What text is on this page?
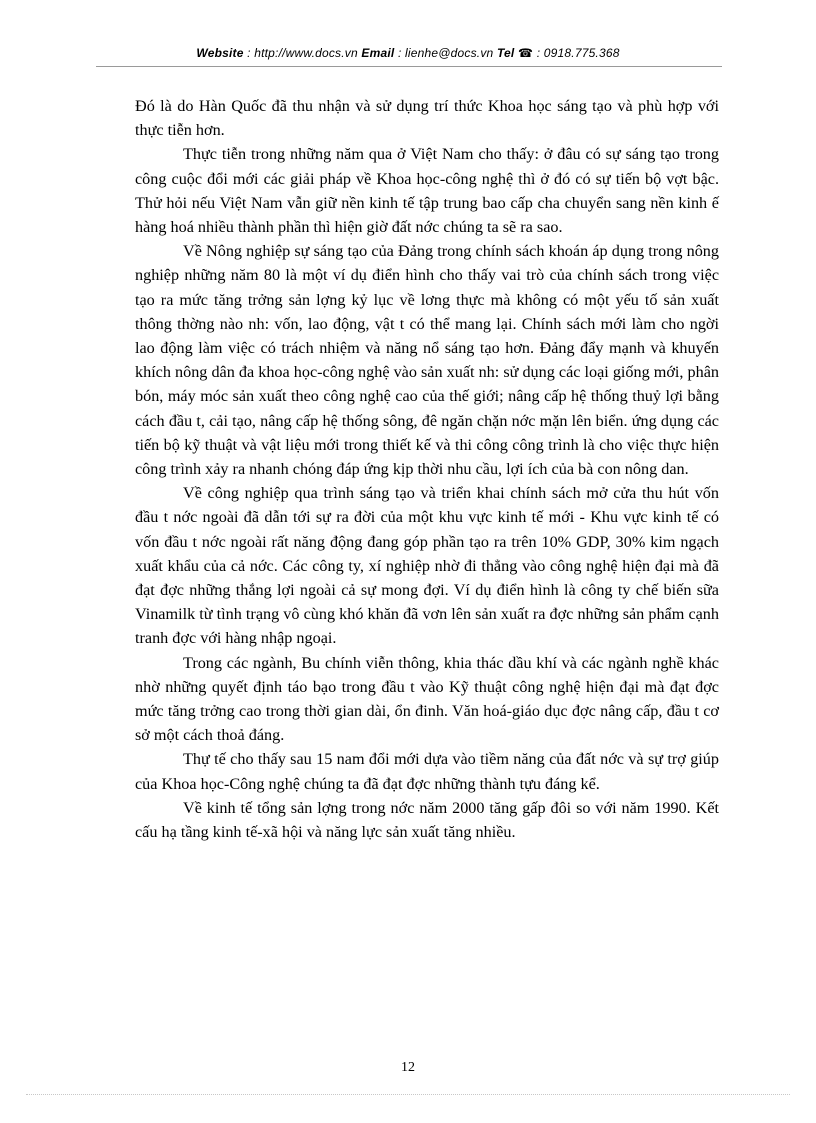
Website : http://www.docs.vn Email : lienhe@docs.vn Tel ☎ : 0918.775.368

Đó là do Hàn Quốc đã thu nhận và sử dụng trí thức Khoa học sáng tạo và phù hợp với thực tiễn hơn.

Thực tiễn trong những năm qua ở Việt Nam cho thấy: ở đâu có sự sáng tạo trong công cuộc đổi mới các giải pháp về Khoa học-công nghệ thì ở đó có sự tiến bộ vợt bậc. Thử hỏi nếu Việt Nam vẫn giữ nền kinh tế tập trung bao cấp cha chuyển sang nền kinh ế hàng hoá nhiều thành phần thì hiện giờ đất nớc chúng ta sẽ ra sao.

Về Nông nghiệp sự sáng tạo của Đảng trong chính sách khoán áp dụng trong nông nghiệp những năm 80 là một ví dụ điển hình cho thấy vai trò của chính sách trong việc tạo ra mức tăng trởng sản lợng kỷ lục về lơng thực mà không có một yếu tố sản xuất thông thờng nào nh: vốn, lao động, vật t có thể mang lại. Chính sách mới làm cho ngời lao động làm việc có trách nhiệm và năng nổ sáng tạo hơn. Đảng đẩy mạnh và khuyến khích nông dân đa khoa học-công nghệ vào sản xuất nh: sử dụng các loại giống mới, phân bón, máy móc sản xuất theo công nghệ cao của thế giới; nâng cấp hệ thống thuỷ lợi bằng cách đầu t, cải tạo, nâng cấp hệ thống sông, đê ngăn chặn nớc mặn lên biển. ứng dụng các tiến bộ kỹ thuật và vật liệu mới trong thiết kế và thi công công trình là cho việc thực hiện công trình xảy ra nhanh chóng đáp ứng kịp thời nhu cầu, lợi ích của bà con nông dan.

Về công nghiệp qua trình sáng tạo và triển khai chính sách mở cửa thu hút vốn đầu t nớc ngoài đã dẫn tới sự ra đời của một khu vực kinh tế mới - Khu vực kinh tế có vốn đầu t nớc ngoài rất năng động đang góp phần tạo ra trên 10% GDP, 30% kim ngạch xuất khẩu của cả nớc. Các công ty, xí nghiệp nhờ đi thẳng vào công nghệ hiện đại mà đã đạt đợc những thắng lợi ngoài cả sự mong đợi. Ví dụ điển hình là công ty chế biến sữa Vinamilk từ tình trạng vô cùng khó khăn đã vơn lên sản xuất ra đợc những sản phẩm cạnh tranh đợc với hàng nhập ngoại.

Trong các ngành, Bu chính viễn thông, khia thác dầu khí và các ngành nghề khác nhờ những quyết định táo bạo trong đầu t vào Kỹ thuật công nghệ hiện đại mà đạt đợc mức tăng trởng cao trong thời gian dài, ổn đinh. Văn hoá-giáo dục đợc nâng cấp, đầu t cơ sở một cách thoả đáng.

Thự tế cho thấy sau 15 nam đổi mới dựa vào tiềm năng của đất nớc và sự trợ giúp của Khoa học-Công nghệ chúng ta đã đạt đợc những thành tựu đáng kể.

Về kinh tế tổng sản lợng trong nớc năm 2000 tăng gấp đôi so với năm 1990. Kết cấu hạ tầng kinh tế-xã hội và năng lực sản xuất tăng nhiều.

12
